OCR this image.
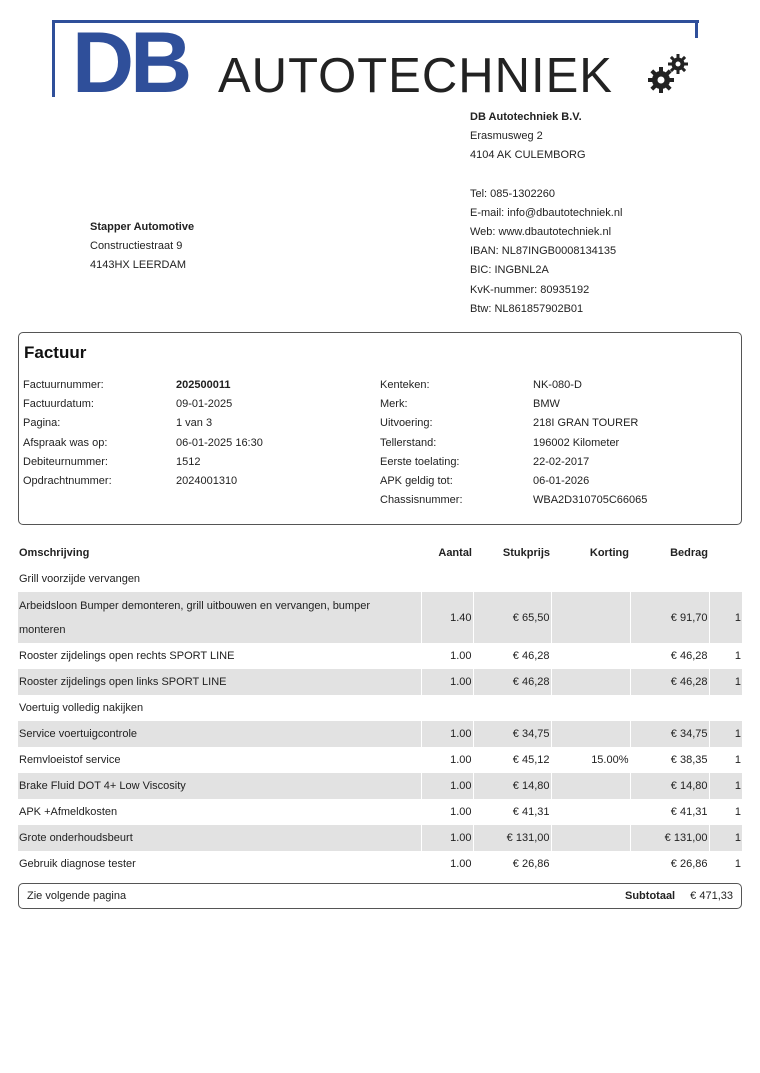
DB AUTOTECHNIEK
DB Autotechniek B.V.
Erasmusweg 2
4104 AK CULEMBORG
Tel: 085-1302260
E-mail: info@dbautotechniek.nl
Web: www.dbautotechniek.nl
IBAN: NL87INGB0008134135
BIC: INGBNL2A
KvK-nummer: 80935192
Btw: NL861857902B01
Stapper Automotive
Constructiestraat 9
4143HX LEERDAM
Factuur
Factuurnummer:	202500011
Factuurdatum:	09-01-2025
Pagina:	1 van 3
Afspraak was op:	06-01-2025 16:30
Debiteurnummer:	1512
Opdrachtnummer:	2024001310
Kenteken:	NK-080-D
Merk:	BMW
Uitvoering:	218I GRAN TOURER
Tellerstand:	196002 Kilometer
Eerste toelating:	22-02-2017
APK geldig tot:	06-01-2026
Chassisnummer:	WBA2D310705C66065
Omschrijving	Aantal	Stukprijs	Korting	Bedrag	
Grill voorzijde vervangen					
Arbeidsloon Bumper demonteren, grill uitbouwen en vervangen, bumper
monteren	1.40	€ 65,50		€ 91,70	1
Rooster zijdelings open rechts SPORT LINE	1.00	€ 46,28		€ 46,28	1
Rooster zijdelings open links SPORT LINE	1.00	€ 46,28		€ 46,28	1
Voertuig volledig nakijken					
Service voertuigcontrole	1.00	€ 34,75		€ 34,75	1
Remvloeistof service	1.00	€ 45,12	15.00%	€ 38,35	1
Brake Fluid DOT 4+ Low Viscosity	1.00	€ 14,80		€ 14,80	1
APK +Afmeldkosten	1.00	€ 41,31		€ 41,31	1
Grote onderhoudsbeurt	1.00	€ 131,00		€ 131,00	1
Gebruik diagnose tester	1.00	€ 26,86		€ 26,86	1
Zie volgende pagina	Subtotaal € 471,33
